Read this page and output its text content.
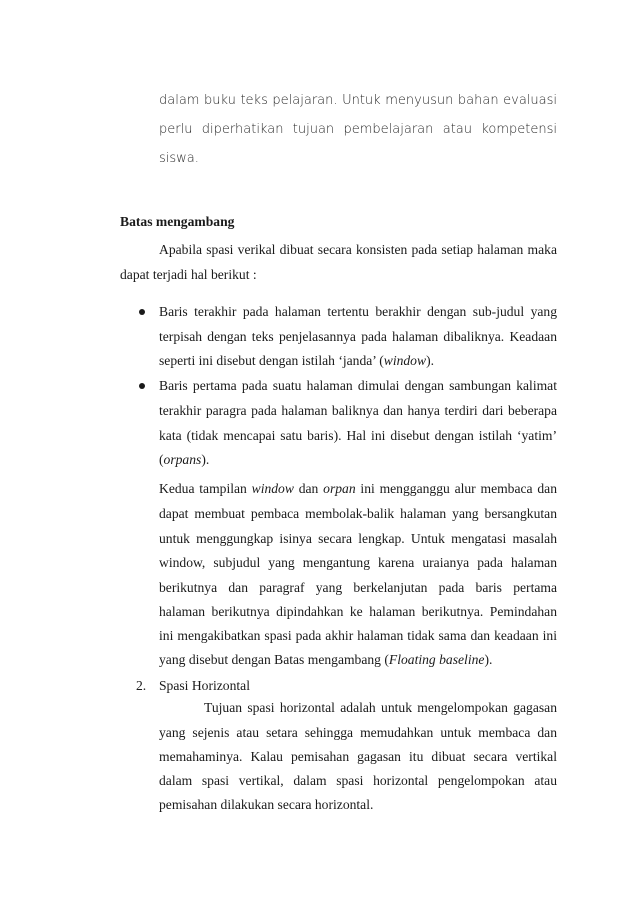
dalam buku teks pelajaran. Untuk menyusun bahan evaluasi
perlu diperhatikan tujuan pembelajaran atau kompetensi
siswa.
Batas mengambang
Apabila spasi verikal dibuat secara konsisten pada setiap halaman maka
dapat terjadi hal berikut :
Baris terakhir pada halaman tertentu berakhir dengan sub-judul yang
terpisah dengan teks penjelasannya pada halaman dibaliknya. Keadaan
seperti ini disebut dengan istilah ‘janda’ (window).
Baris pertama pada suatu halaman dimulai dengan sambungan kalimat
terakhir paragra pada halaman baliknya dan hanya terdiri dari beberapa
kata (tidak mencapai satu baris). Hal ini disebut dengan istilah ‘yatim’
(orpans).
Kedua tampilan window dan orpan ini mengganggu alur membaca dan
dapat membuat pembaca membolak-balik halaman yang bersangkutan
untuk menggungkap isinya secara lengkap. Untuk mengatasi masalah
window, subjudul yang mengantung karena uraianya pada halaman
berikutnya dan paragraf yang berkelanjutan pada baris pertama
halaman berikutnya dipindahkan ke halaman berikutnya. Pemindahan
ini mengakibatkan spasi pada akhir halaman tidak sama dan keadaan ini
yang disebut dengan Batas mengambang (Floating baseline).
2. Spasi Horizontal
Tujuan spasi horizontal adalah untuk mengelompokan gagasan
yang sejenis atau setara sehingga memudahkan untuk membaca dan
memahaminya. Kalau pemisahan gagasan itu dibuat secara vertikal
dalam spasi vertikal, dalam spasi horizontal pengelompokan atau
pemisahan dilakukan secara horizontal.
